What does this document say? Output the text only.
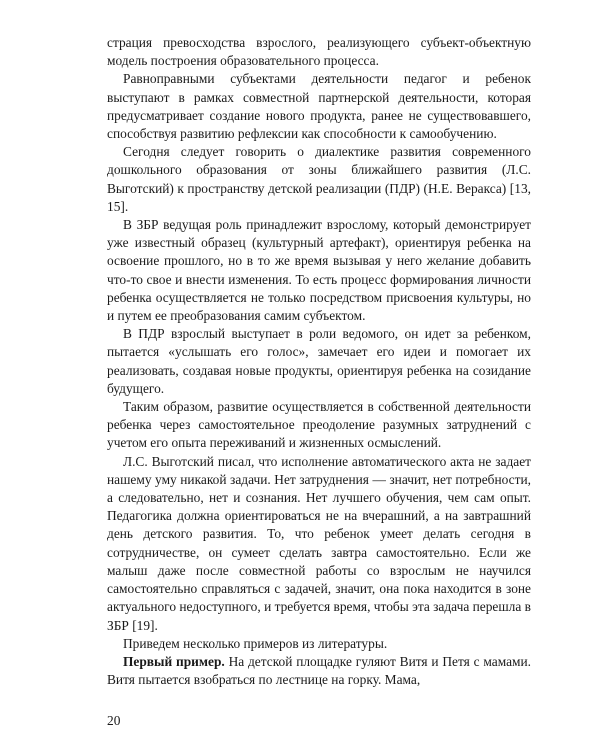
страция превосходства взрослого, реализующего субъект-объектную модель построения образовательного процесса.

Равноправными субъектами деятельности педагог и ребенок выступают в рамках совместной партнерской деятельности, которая предусматривает создание нового продукта, ранее не существовавшего, способствуя развитию рефлексии как способности к самообучению.

Сегодня следует говорить о диалектике развития современного дошкольного образования от зоны ближайшего развития (Л.С. Выготский) к пространству детской реализации (ПДР) (Н.Е. Веракса) [13, 15].

В ЗБР ведущая роль принадлежит взрослому, который демонстрирует уже известный образец (культурный артефакт), ориентируя ребенка на освоение прошлого, но в то же время вызывая у него желание добавить что-то свое и внести изменения. То есть процесс формирования личности ребенка осуществляется не только посредством присвоения культуры, но и путем ее преобразования самим субъектом.

В ПДР взрослый выступает в роли ведомого, он идет за ребенком, пытается «услышать его голос», замечает его идеи и помогает их реализовать, создавая новые продукты, ориентируя ребенка на созидание будущего.

Таким образом, развитие осуществляется в собственной деятельности ребенка через самостоятельное преодоление разумных затруднений с учетом его опыта переживаний и жизненных осмыслений.

Л.С. Выготский писал, что исполнение автоматического акта не задает нашему уму никакой задачи. Нет затруднения — значит, нет потребности, а следовательно, нет и сознания. Нет лучшего обучения, чем сам опыт. Педагогика должна ориентироваться не на вчерашний, а на завтрашний день детского развития. То, что ребенок умеет делать сегодня в сотрудничестве, он сумеет сделать завтра самостоятельно. Если же малыш даже после совместной работы со взрослым не научился самостоятельно справляться с задачей, значит, она пока находится в зоне актуального недоступного, и требуется время, чтобы эта задача перешла в ЗБР [19].

Приведем несколько примеров из литературы.

Первый пример. На детской площадке гуляют Витя и Петя с мамами. Витя пытается взобраться по лестнице на горку. Мама,

20
